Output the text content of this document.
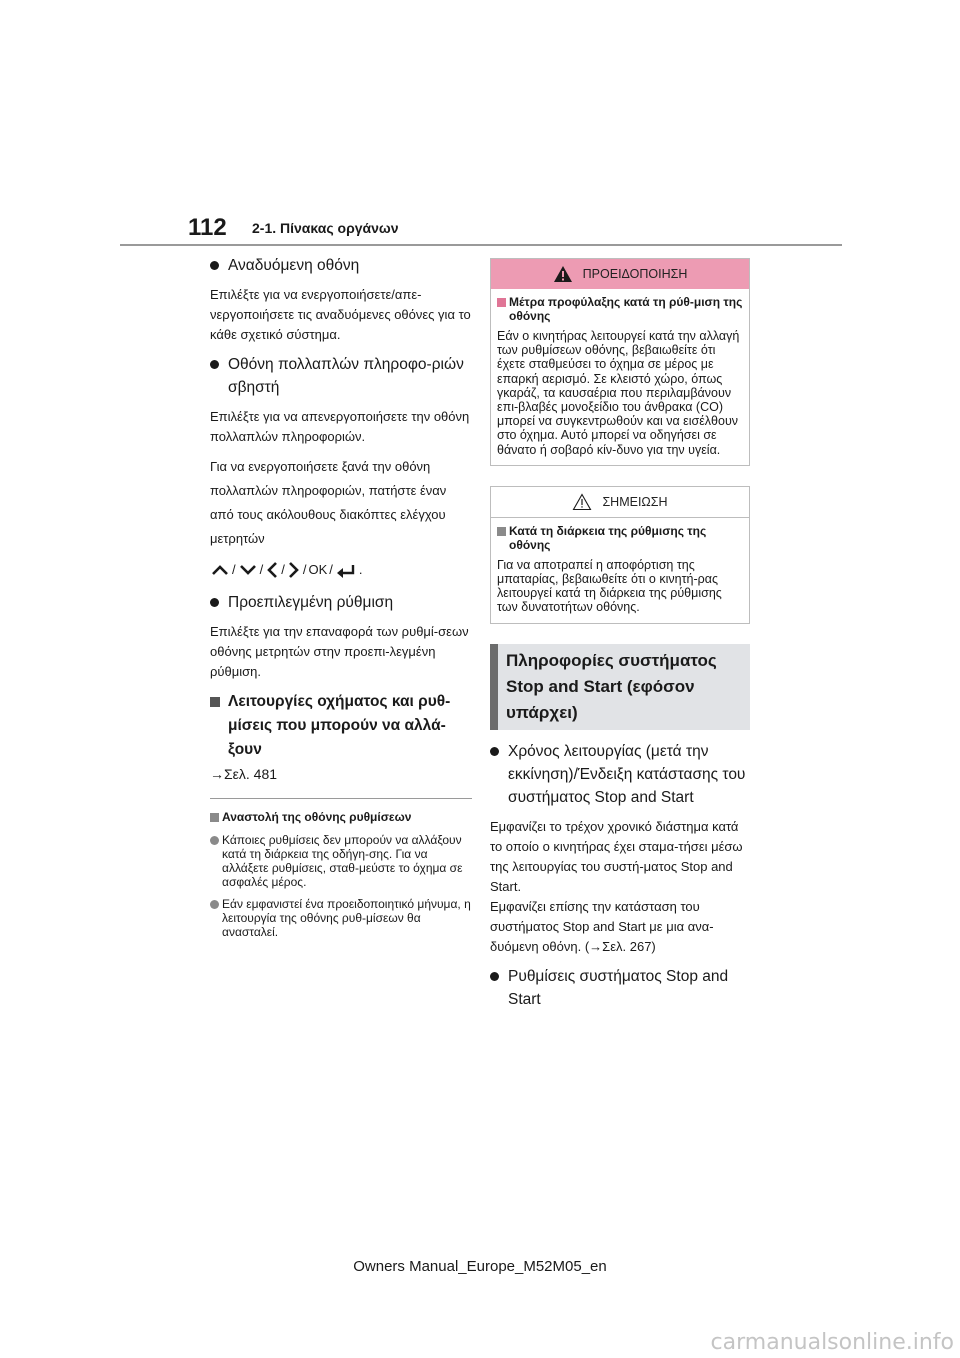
112 2-1. Πίνακας οργάνων
Αναδυόμενη οθόνη

Επιλέξτε για να ενεργοποιήσετε/απε-νεργοποιήσετε τις αναδυόμενες οθόνες για το κάθε σχετικό σύστημα.

Οθόνη πολλαπλών πληροφο-ριών σβηστή

Επιλέξτε για να απενεργοποιήσετε την οθόνη πολλαπλών πληροφοριών.

Για να ενεργοποιήσετε ξανά την οθόνη πολλαπλών πληροφοριών, πατήστε έναν από τους ακόλουθους διακόπτες ελέγχου μετρητών

/ / / / OK / .
Προεπιλεγμένη ρύθμιση

Επιλέξτε για την επαναφορά των ρυθμί-σεων οθόνης μετρητών στην προεπι-λεγμένη ρύθμιση.

Λειτουργίες οχήματος και ρυθ-μίσεις που μπορούν να αλλά-ξουν
→Σελ. 481
Αναστολή της οθόνης ρυθμίσεων
Κάποιες ρυθμίσεις δεν μπορούν να αλλάξουν κατά τη διάρκεια της οδήγη-σης. Για να αλλάξετε ρυθμίσεις, σταθ-μεύστε το όχημα σε ασφαλές μέρος.
Εάν εμφανιστεί ένα προειδοποιητικό μήνυμα, η λειτουργία της οθόνης ρυθ-μίσεων θα ανασταλεί.
ΠΡΟΕΙΔΟΠΟΙΗΣΗ
Μέτρα προφύλαξης κατά τη ρύθ-μιση της οθόνης

Εάν ο κινητήρας λειτουργεί κατά την αλλαγή των ρυθμίσεων οθόνης, βεβαιωθείτε ότι έχετε σταθμεύσει το όχημα σε μέρος με επαρκή αερισμό. Σε κλειστό χώρο, όπως γκαράζ, τα καυσαέρια που περιλαμβάνουν επι-βλαβές μονοξείδιο του άνθρακα (CO) μπορεί να συγκεντρωθούν και να εισέλθουν στο όχημα. Αυτό μπορεί να οδηγήσει σε θάνατο ή σοβαρό κίν-δυνο για την υγεία.

ΣΗΜΕΙΩΣΗ
Κατά τη διάρκεια της ρύθμισης της οθόνης

Για να αποτραπεί η αποφόρτιση της μπαταρίας, βεβαιωθείτε ότι ο κινητή-ρας λειτουργεί κατά τη διάρκεια της ρύθμισης των δυνατοτήτων οθόνης.

Πληροφορίες συστήματος Stop and Start (εφόσον υπάρχει)
Χρόνος λειτουργίας (μετά την εκκίνηση)/Ένδειξη κατάστασης του συστήματος Stop and Start

Εμφανίζει το τρέχον χρονικό διάστημα κατά το οποίο ο κινητήρας έχει σταμα-τήσει μέσω της λειτουργίας του συστή-ματος Stop and Start.

Εμφανίζει επίσης την κατάσταση του συστήματος Stop and Start με μια ανα-δυόμενη οθόνη. (→Σελ. 267)

Ρυθμίσεις συστήματος Stop and Start
Owners Manual_Europe_M52M05_en
carmanualsonline.info
